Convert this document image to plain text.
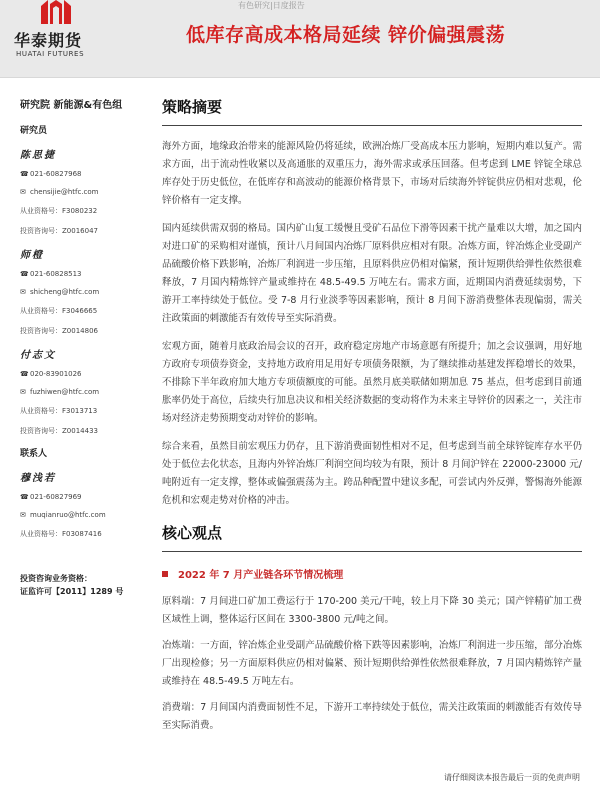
华泰期货
HUATAI FUTURES
有色研究|日度报告
低库存高成本格局延续 锌价偏强震荡
研究院 新能源&有色组
研究员
陈思捷
☎ 021-60827968
✉ chensijie@htfc.com
从业资格号：F3080232
投资咨询号：Z0016047
师橙
☎ 021-60828513
✉ shicheng@htfc.com
从业资格号：F3046665
投资咨询号：Z0014806
付志文
☎ 020-83901026
✉ fuzhiwen@htfc.com
从业资格号：F3013713
投资咨询号：Z0014433
联系人
穆浅若
☎ 021-60827969
✉ muqianruo@htfc.com
从业资格号：F03087416
投资咨询业务资格：
证监许可【2011】1289 号
策略摘要

海外方面，地缘政治带来的能源风险仍将延续，欧洲冶炼厂受高成本压力影响，短期内难以复产。需求方面，出于流动性收紧以及高通胀的双重压力，海外需求或承压回落。但考虑到 LME 锌锭全球总库存处于历史低位，在低库存和高波动的能源价格背景下，市场对后续海外锌锭供应仍相对悲观，伦锌价格有一定支撑。

国内延续供需双弱的格局。国内矿山复工缓慢且受矿石品位下滑等因素干扰产量难以大增，加之国内对进口矿的采购相对谨慎，预计八月间国内冶炼厂原料供应相对有限。冶炼方面，锌冶炼企业受副产品硫酸价格下跌影响，冶炼厂利润进一步压缩，且原料供应仍相对偏紧，预计短期供给弹性依然很难释放，7 月国内精炼锌产量或维持在 48.5-49.5 万吨左右。需求方面，近期国内消费延续弱势，下游开工率持续处于低位。受 7-8 月行业淡季等因素影响，预计 8 月间下游消费整体表现偏弱，需关注政策面的刺激能否有效传导至实际消费。

宏观方面，随着月底政治局会议的召开，政府稳定房地产市场意愿有所提升；加之会议强调，用好地方政府专项债券资金，支持地方政府用足用好专项债务限额，为了继续推动基建发挥稳增长的效果，不排除下半年政府加大地方专项债额度的可能。虽然月底美联储如期加息 75 基点，但考虑到目前通胀率仍处于高位，后续央行加息决议和相关经济数据的变动将作为未来主导锌价的因素之一，关注市场对经济走势预期变动对锌价的影响。

综合来看，虽然目前宏观压力仍存，且下游消费面韧性相对不足，但考虑到当前全球锌锭库存水平仍处于低位去化状态，且海内外锌冶炼厂利润空间均较为有限，预计 8 月间沪锌在 22000-23000 元/吨附近有一定支撑，整体或偏强震荡为主。跨品种配置中建议多配，可尝试内外反弹，警惕海外能源危机和宏观走势对价格的冲击。

核心观点
2022 年 7 月产业链各环节情况梳理

原料端：7 月间进口矿加工费运行于 170-200 美元/干吨，较上月下降 30 美元；国产锌精矿加工费区域性上调，整体运行区间在 3300-3800 元/吨之间。

冶炼端：一方面，锌冶炼企业受副产品硫酸价格下跌等因素影响，冶炼厂利润进一步压缩，部分冶炼厂出现检修；另一方面原料供应仍相对偏紧、预计短期供给弹性依然很难释放，7 月国内精炼锌产量或维持在 48.5-49.5 万吨左右。

消费端：7 月间国内消费面韧性不足，下游开工率持续处于低位，需关注政策面的刺激能否有效传导至实际消费。

请仔细阅读本报告最后一页的免责声明
